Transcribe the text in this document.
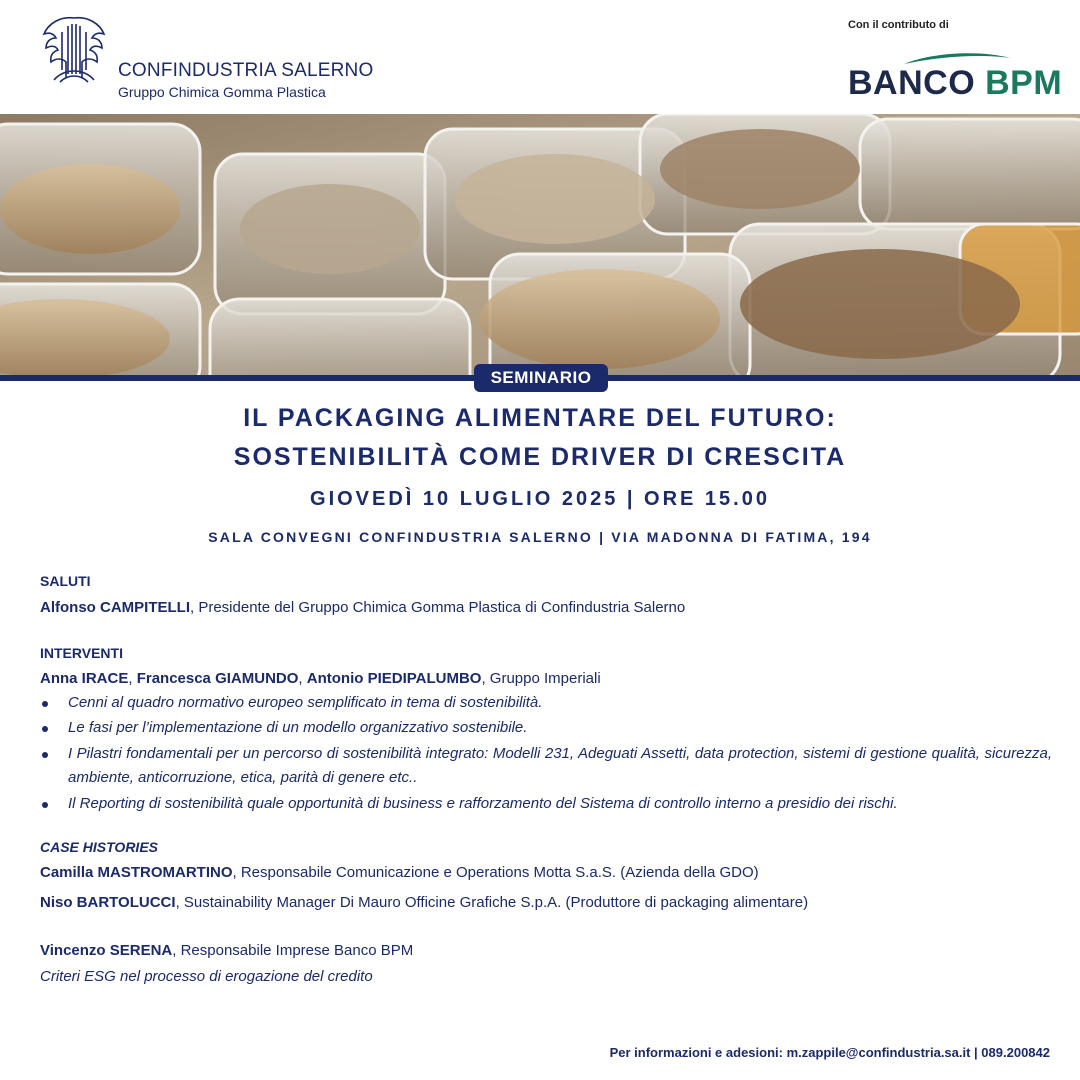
CONFINDUSTRIA SALERNO
Gruppo Chimica Gomma Plastica
Con il contributo di
BANCO BPM
SEMINARIO
IL PACKAGING ALIMENTARE DEL FUTURO:
SOSTENIBILITÀ COME DRIVER DI CRESCITA
GIOVEDÌ 10 LUGLIO 2025 | ORE 15.00
SALA CONVEGNI CONFINDUSTRIA SALERNO | VIA MADONNA DI FATIMA, 194
SALUTI
Alfonso CAMPITELLI, Presidente del Gruppo Chimica Gomma Plastica di Confindustria Salerno
INTERVENTI
Anna IRACE, Francesca GIAMUNDO, Antonio PIEDIPALUMBO, Gruppo Imperiali
Cenni al quadro normativo europeo semplificato in tema di sostenibilità.
Le fasi per l’implementazione di un modello organizzativo sostenibile.
I Pilastri fondamentali per un percorso di sostenibilità integrato: Modelli 231, Adeguati Assetti, data protection, sistemi di gestione qualità, sicurezza, ambiente, anticorruzione, etica, parità di genere etc..
Il Reporting di sostenibilità quale opportunità di business e rafforzamento del Sistema di controllo interno a presidio dei rischi.
CASE HISTORIES
Camilla MASTROMARTINO, Responsabile Comunicazione e Operations Motta S.a.S. (Azienda della GDO)
Niso BARTOLUCCI, Sustainability Manager Di Mauro Officine Grafiche S.p.A. (Produttore di packaging alimentare)
Vincenzo SERENA, Responsabile Imprese Banco BPM
Criteri ESG nel processo di erogazione del credito
Per informazioni e adesioni: m.zappile@confindustria.sa.it | 089.200842
